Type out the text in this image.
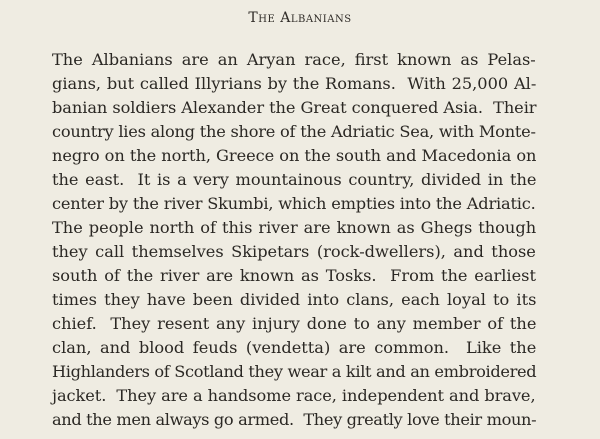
The Albanians
The Albanians are an Aryan race, first known as Pelas-
gians, but called Illyrians by the Romans.  With 25,000 Al-
banian soldiers Alexander the Great conquered Asia.  Their
country lies along the shore of the Adriatic Sea, with Monte-
negro on the north, Greece on the south and Macedonia on
the east.  It is a very mountainous country, divided in the
center by the river Skumbi, which empties into the Adriatic.
The people north of this river are known as Ghegs though
they call themselves Skipetars (rock-dwellers), and those
south of the river are known as Tosks.  From the earliest
times they have been divided into clans, each loyal to its
chief.  They resent any injury done to any member of the
clan, and blood feuds (vendetta) are common.  Like the
Highlanders of Scotland they wear a kilt and an embroidered
jacket.  They are a handsome race, independent and brave,
and the men always go armed.  They greatly love their moun-
